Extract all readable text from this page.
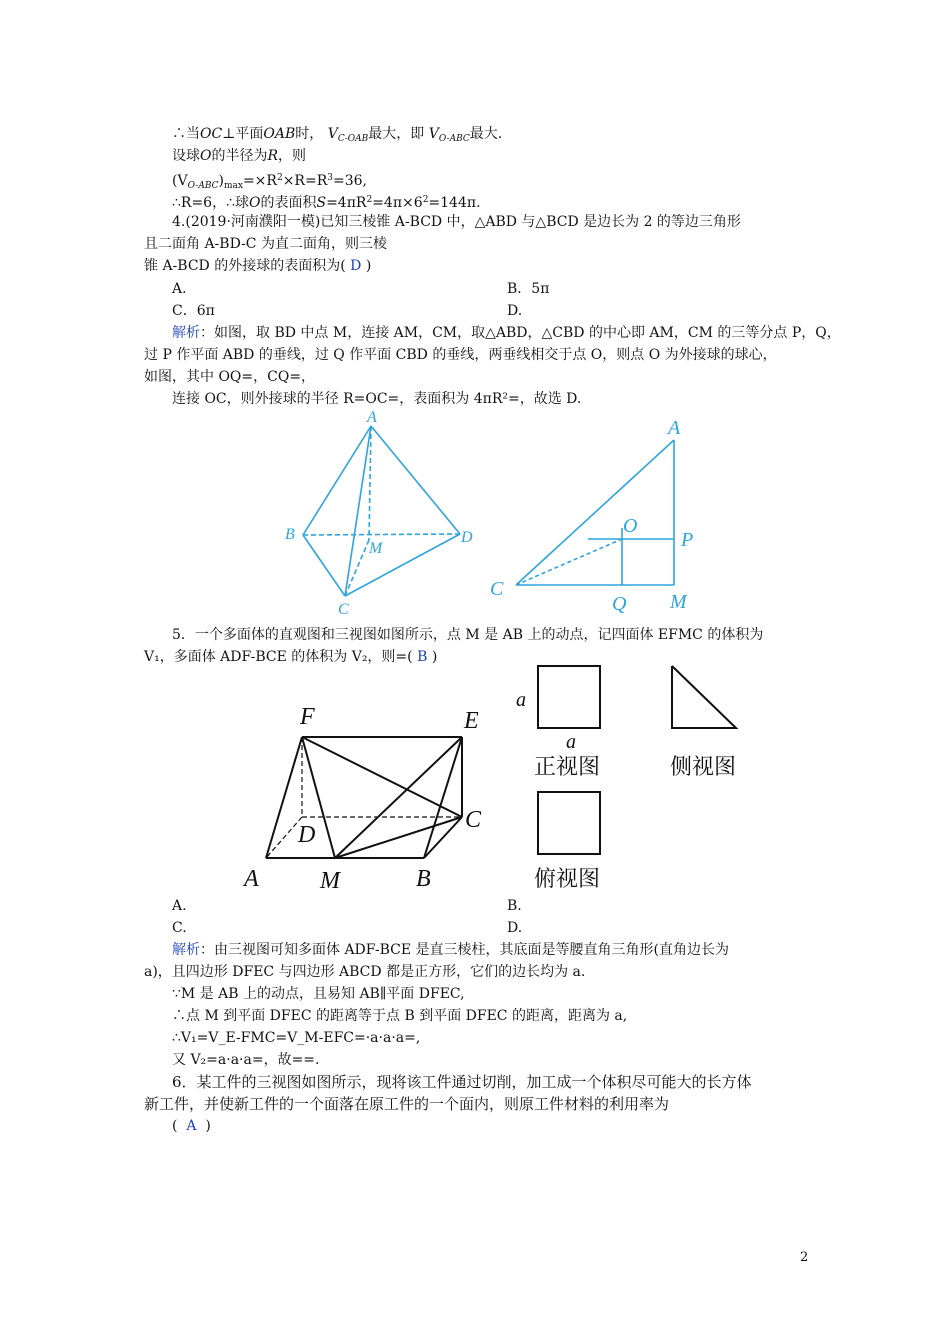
∴当OC⊥平面OAB时， $V_{C-OAB}$最大，即 $V_{O-ABC}$最大.
设球O的半径为R，则
$(V_{O-ABC})_{max}=\times R^2\times R=R^3=36$,
∴R=6，∴球O的表面积$S=4\pi R^2=4\pi\times 6^2=144\pi$.
4.(2019·河南濮阳一模)已知三棱锥 A-BCD 中，△ABD 与△BCD 是边长为 2 的等边三角形
且二面角 A-BD-C 为直二面角，则三棱
锥 A-BCD 的外接球的表面积为( D )
A.	B．5π
C．6π	D.
解析：如图，取 BD 中点 M，连接 AM，CM，取△ABD，△CBD 的中心即 AM，CM 的三等分点 P，Q，
过 P 作平面 ABD 的垂线，过 Q 作平面 CBD 的垂线，两垂线相交于点 O，则点 O 为外接球的球心，
如图，其中 OQ=，CQ=，
连接 OC，则外接球的半径 R=OC=，表面积为 4πR²=，故选 D.
A
B	D
M
C
A
O
P
C
Q M
5．一个多面体的直观图和三视图如图所示，点 M 是 AB 上的动点，记四面体 EFMC 的体积为
V₁，多面体 ADF-BCE 的体积为 V₂，则=( B )
F	E
D
C
A	M	B
a
a
正视图	侧视图
俯视图
A.	B.
C.	D.
解析：由三视图可知多面体 ADF-BCE 是直三棱柱，其底面是等腰直角三角形(直角边长为
a)，且四边形 DFEC 与四边形 ABCD 都是正方形，它们的边长均为 a.
∵M 是 AB 上的动点，且易知 AB∥平面 DFEC,
∴点 M 到平面 DFEC 的距离等于点 B 到平面 DFEC 的距离，距离为 a,
∴V₁=V_E-FMC=V_M-EFC=·a·a·a=,
又 V₂=a·a·a=，故==.
6．某工件的三视图如图所示，现将该工件通过切削，加工成一个体积尽可能大的长方体
新工件，并使新工件的一个面落在原工件的一个面内，则原工件材料的利用率为
( A )
2
